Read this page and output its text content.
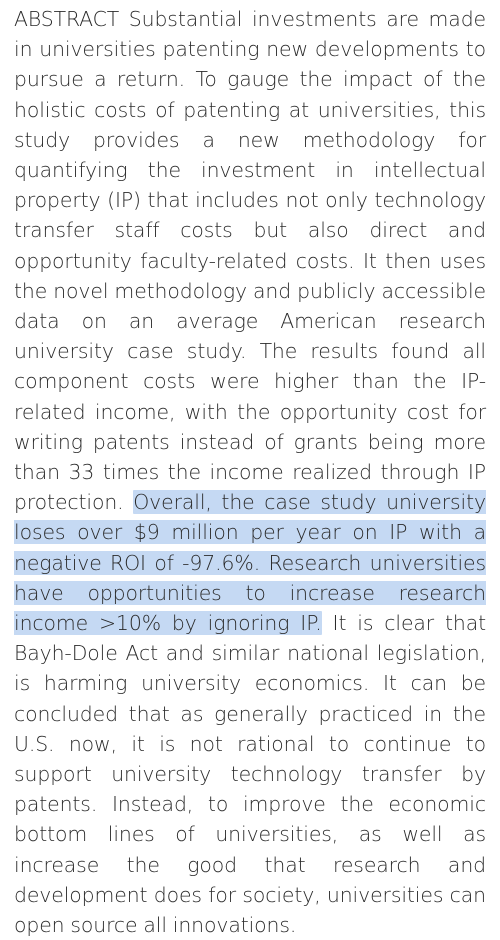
ABSTRACT Substantial investments are made in universities patenting new developments to pursue a return. To gauge the impact of the holistic costs of patenting at universities, this study provides a new methodology for quantifying the investment in intellectual property (IP) that includes not only technology transfer staff costs but also direct and opportunity faculty-related costs. It then uses the novel methodology and publicly accessible data on an average American research university case study. The results found all component costs were higher than the IP-related income, with the opportunity cost for writing patents instead of grants being more than 33 times the income realized through IP protection. Overall, the case study university loses over $9 million per year on IP with a negative ROI of -97.6%. Research universities have opportunities to increase research income >10% by ignoring IP. It is clear that Bayh-Dole Act and similar national legislation, is harming university economics. It can be concluded that as generally practiced in the U.S. now, it is not rational to continue to support university technology transfer by patents. Instead, to improve the economic bottom lines of universities, as well as increase the good that research and development does for society, universities can open source all innovations.
